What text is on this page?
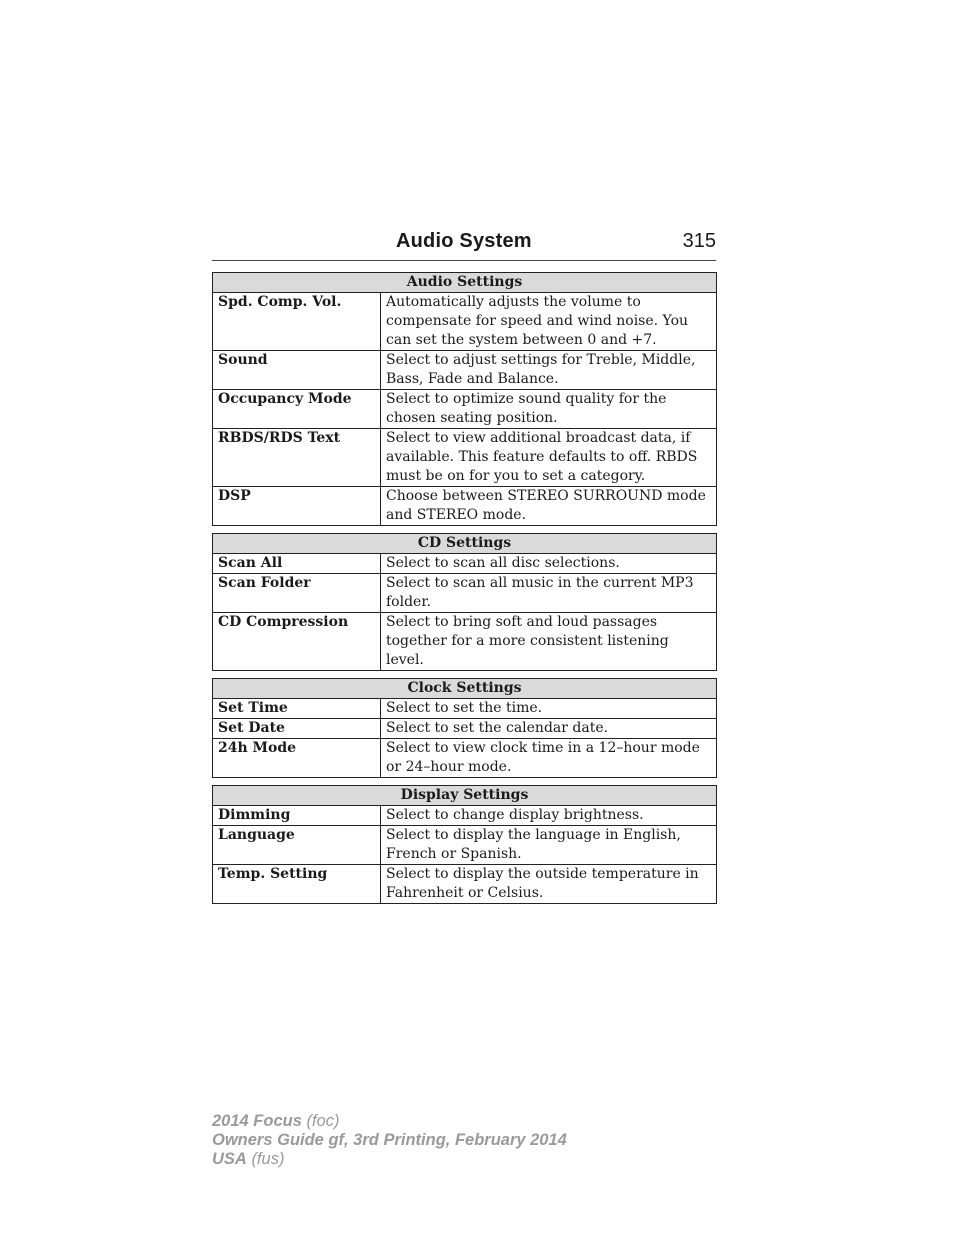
Audio System	315
Audio Settings	
Spd. Comp. Vol.	Automatically adjusts the volume to compensate for speed and wind noise. You can set the system between 0 and +7.
Sound	Select to adjust settings for Treble, Middle, Bass, Fade and Balance.
Occupancy Mode	Select to optimize sound quality for the chosen seating position.
RBDS/RDS Text	Select to view additional broadcast data, if available. This feature defaults to off. RBDS must be on for you to set a category.
DSP	Choose between STEREO SURROUND mode and STEREO mode.
CD Settings	
Scan All	Select to scan all disc selections.
Scan Folder	Select to scan all music in the current MP3 folder.
CD Compression	Select to bring soft and loud passages together for a more consistent listening level.
Clock Settings	
Set Time	Select to set the time.
Set Date	Select to set the calendar date.
24h Mode	Select to view clock time in a 12–hour mode or 24–hour mode.
Display Settings	
Dimming	Select to change display brightness.
Language	Select to display the language in English, French or Spanish.
Temp. Setting	Select to display the outside temperature in Fahrenheit or Celsius.
2014 Focus (foc)
Owners Guide gf, 3rd Printing, February 2014
USA (fus)
